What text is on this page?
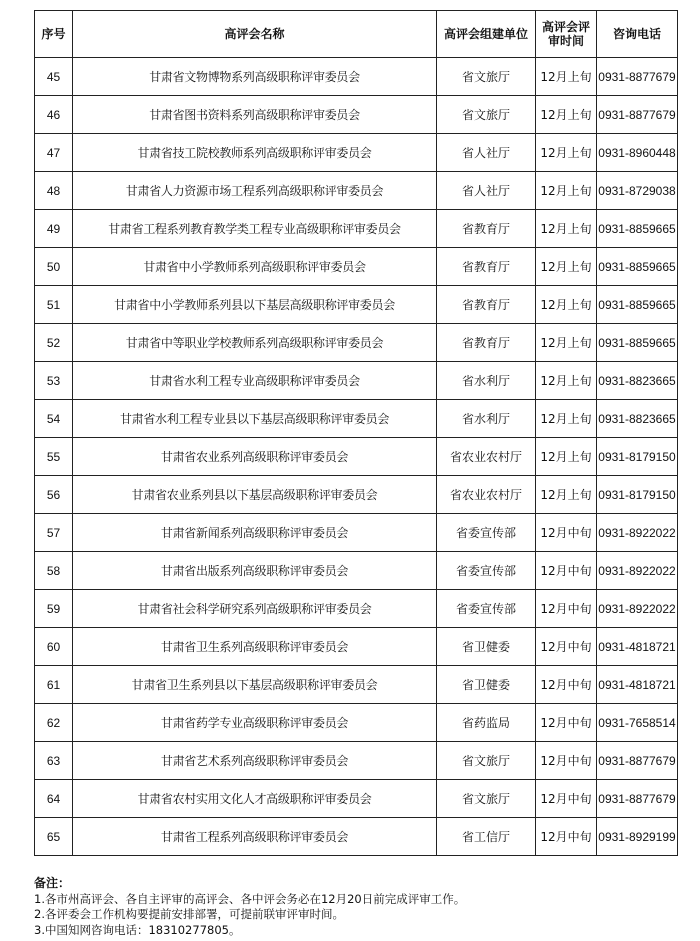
序号	高评会名称	高评会组建单位	高评会评审时间	咨询电话
45	甘肃省文物博物系列高级职称评审委员会	省文旅厅	12月上旬	0931-8877679
46	甘肃省图书资料系列高级职称评审委员会	省文旅厅	12月上旬	0931-8877679
47	甘肃省技工院校教师系列高级职称评审委员会	省人社厅	12月上旬	0931-8960448
48	甘肃省人力资源市场工程系列高级职称评审委员会	省人社厅	12月上旬	0931-8729038
49	甘肃省工程系列教育教学类工程专业高级职称评审委员会	省教育厅	12月上旬	0931-8859665
50	甘肃省中小学教师系列高级职称评审委员会	省教育厅	12月上旬	0931-8859665
51	甘肃省中小学教师系列县以下基层高级职称评审委员会	省教育厅	12月上旬	0931-8859665
52	甘肃省中等职业学校教师系列高级职称评审委员会	省教育厅	12月上旬	0931-8859665
53	甘肃省水利工程专业高级职称评审委员会	省水利厅	12月上旬	0931-8823665
54	甘肃省水利工程专业县以下基层高级职称评审委员会	省水利厅	12月上旬	0931-8823665
55	甘肃省农业系列高级职称评审委员会	省农业农村厅	12月上旬	0931-8179150
56	甘肃省农业系列县以下基层高级职称评审委员会	省农业农村厅	12月上旬	0931-8179150
57	甘肃省新闻系列高级职称评审委员会	省委宣传部	12月中旬	0931-8922022
58	甘肃省出版系列高级职称评审委员会	省委宣传部	12月中旬	0931-8922022
59	甘肃省社会科学研究系列高级职称评审委员会	省委宣传部	12月中旬	0931-8922022
60	甘肃省卫生系列高级职称评审委员会	省卫健委	12月中旬	0931-4818721
61	甘肃省卫生系列县以下基层高级职称评审委员会	省卫健委	12月中旬	0931-4818721
62	甘肃省药学专业高级职称评审委员会	省药监局	12月中旬	0931-7658514
63	甘肃省艺术系列高级职称评审委员会	省文旅厅	12月中旬	0931-8877679
64	甘肃省农村实用文化人才高级职称评审委员会	省文旅厅	12月中旬	0931-8877679
65	甘肃省工程系列高级职称评审委员会	省工信厅	12月中旬	0931-8929199
备注：
1.各市州高评会、各自主评审的高评会、各中评会务必在12月20日前完成评审工作。
2.各评委会工作机构要提前安排部署，可提前联审评审时间。
3.中国知网咨询电话：18310277805。
